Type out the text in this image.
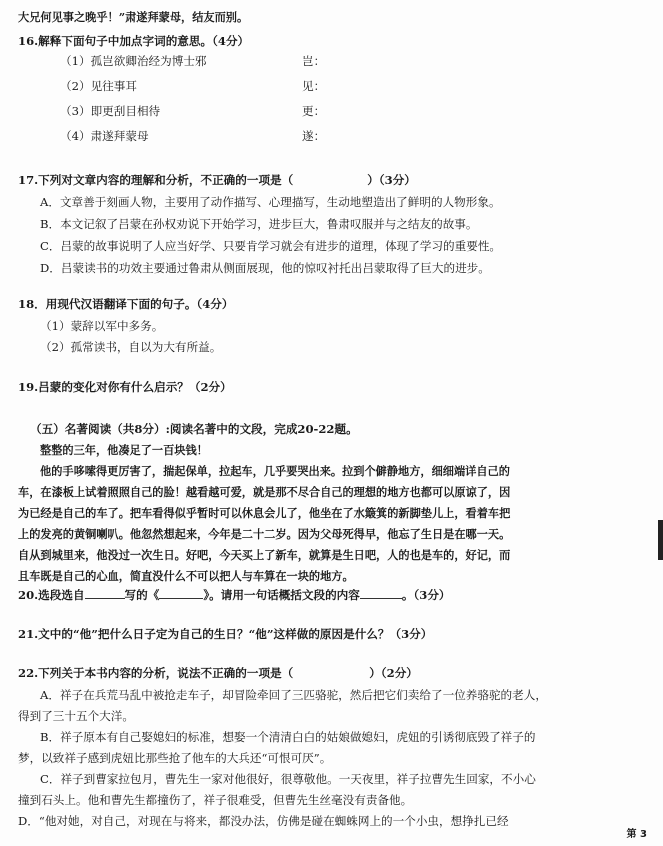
大兄何见事之晚乎！”肃遂拜蒙母，结友而别。
16.解释下面句子中加点字词的意思。（4分）
（1）孤岂欲卿治经为博士邪	岂：
（2）见往事耳	见：
（3）即更刮目相待	更：
（4）肃遂拜蒙母	遂：
17.下列对文章内容的理解和分析，不正确的一项是（	）（3分）
A．文章善于刻画人物，主要用了动作描写、心理描写，生动地塑造出了鲜明的人物形象。
B．本文记叙了吕蒙在孙权劝说下开始学习，进步巨大，鲁肃叹服并与之结友的故事。
C．吕蒙的故事说明了人应当好学、只要肯学习就会有进步的道理，体现了学习的重要性。
D．吕蒙读书的功效主要通过鲁肃从侧面展现，他的惊叹衬托出吕蒙取得了巨大的进步。
18．用现代汉语翻译下面的句子。（4分）
（1）蒙辞以军中多务。
（2）孤常读书，自以为大有所益。
19.吕蒙的变化对你有什么启示？（2分）
（五）名著阅读（共8分）:阅读名著中的文段，完成20-22题。
整整的三年，他凑足了一百块钱！
他的手哆嗦得更厉害了，揣起保单，拉起车，几乎要哭出来。拉到个僻静地方，细细端详自己的
车，在漆板上试着照照自己的脸！越看越可爱，就是那不尽合自己的理想的地方也都可以原谅了，因
为已经是自己的车了。把车看得似乎暂时可以休息会儿了，他坐在了水簸箕的新脚垫儿上，看着车把
上的发亮的黄铜喇叭。他忽然想起来，今年是二十二岁。因为父母死得早，他忘了生日是在哪一天。
自从到城里来，他没过一次生日。好吧，今天买上了新车，就算是生日吧，人的也是车的，好记，而
且车既是自己的心血，简直没什么不可以把人与车算在一块的地方。
20.选段选自	写的《	》。请用一句话概括文段的内容	。（3分）
21.文中的“他”把什么日子定为自己的生日？“他”这样做的原因是什么？（3分）
22.下列关于本书内容的分析，说法不正确的一项是（	）（2分）
A．祥子在兵荒马乱中被抢走车子，却冒险牵回了三匹骆驼，然后把它们卖给了一位养骆驼的老人，
得到了三十五个大洋。
B．祥子原本有自己娶媳妇的标准，想娶一个清清白白的姑娘做媳妇，虎妞的引诱彻底毁了祥子的
梦，以致祥子感到虎妞比那些抢了他车的大兵还“可恨可厌”。
C．祥子到曹家拉包月，曹先生一家对他很好，很尊敬他。一天夜里，祥子拉曹先生回家，不小心
撞到石头上。他和曹先生都撞伤了，祥子很难受，但曹先生丝毫没有责备他。
D．“他对她，对自己，对现在与将来，都没办法，仿佛是碰在蜘蛛网上的一个小虫，想挣扎已经
第 3
